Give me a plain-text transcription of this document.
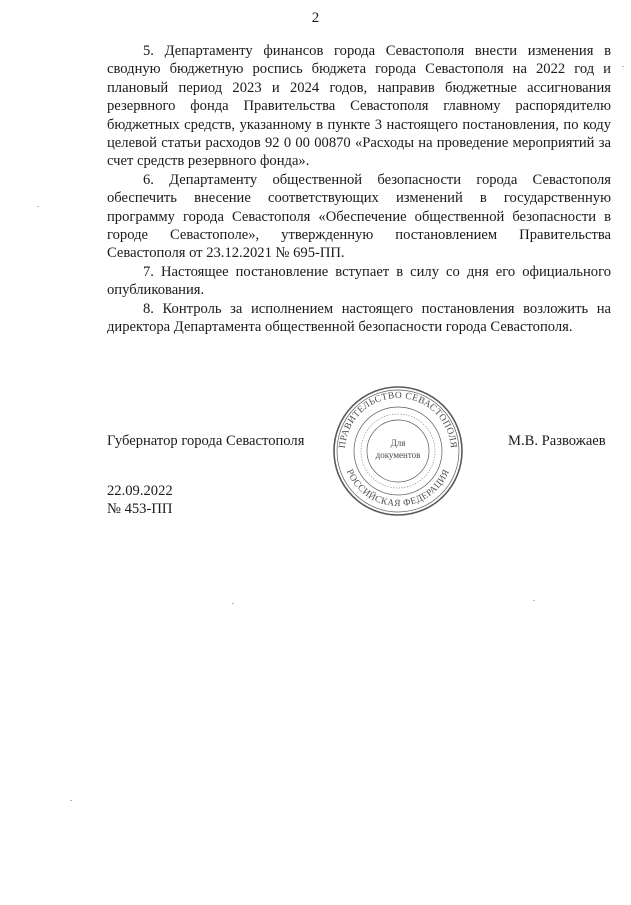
2

5. Департаменту финансов города Севастополя внести изменения в сводную бюджетную роспись бюджета города Севастополя на 2022 год и плановый период 2023 и 2024 годов, направив бюджетные ассигнования резервного фонда Правительства Севастополя главному распорядителю бюджетных средств, указанному в пункте 3 настоящего постановления, по коду целевой статьи расходов 92 0 00 00870 «Расходы на проведение мероприятий за счет средств резервного фонда».

6. Департаменту общественной безопасности города Севастополя обеспечить внесение соответствующих изменений в государственную программу города Севастополя «Обеспечение общественной безопасности в городе Севастополе», утвержденную постановлением Правительства Севастополя от 23.12.2021 № 695-ПП.

7. Настоящее постановление вступает в силу со дня его официального опубликования.

8. Контроль за исполнением настоящего постановления возложить на директора Департамента общественной безопасности города Севастополя.

Губернатор города Севастополя	М.В. Развожаев
22.09.2022
№ 453-ПП
ПРАВИТЕЛЬСТВО СЕВАСТОПОЛЯ
РОССИЙСКАЯ ФЕДЕРАЦИЯ
Для
документов
